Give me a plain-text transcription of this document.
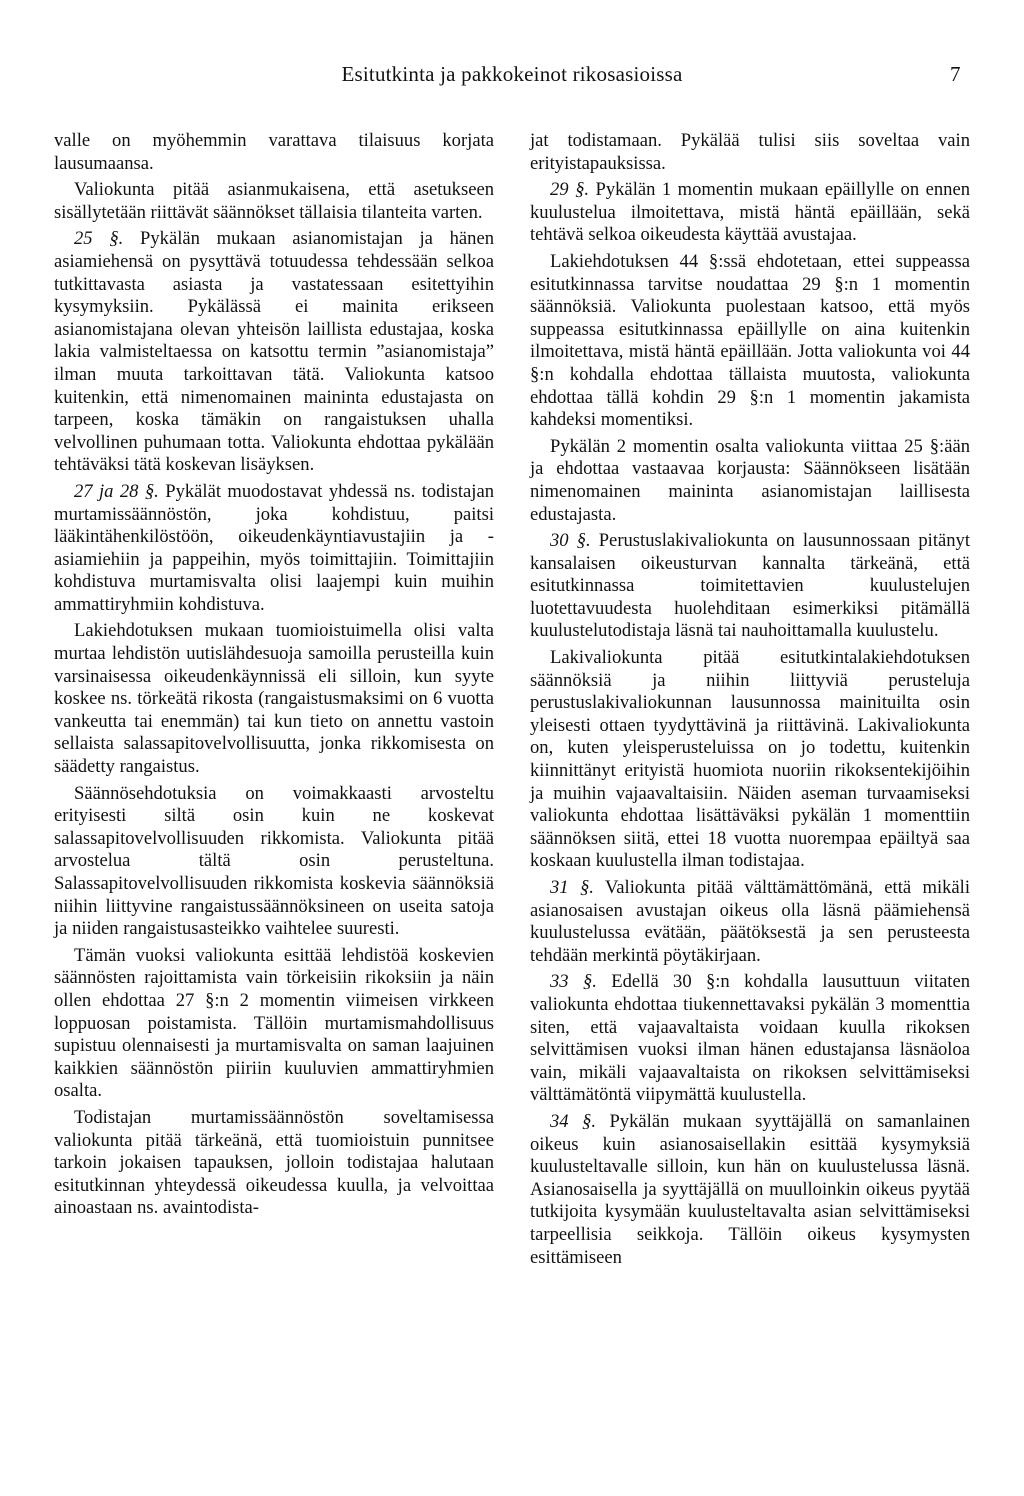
Esitutkinta ja pakkokeinot rikosasioissa	7

valle on myöhemmin varattava tilaisuus korjata lausumaansa.

Valiokunta pitää asianmukaisena, että asetukseen sisällytetään riittävät säännökset tällaisia tilanteita varten.

25 §. Pykälän mukaan asianomistajan ja hänen asiamiehensä on pysyttävä totuudessa tehdessään selkoa tutkittavasta asiasta ja vastatessaan esitettyihin kysymyksiin. Pykälässä ei mainita erikseen asianomistajana olevan yhteisön laillista edustajaa, koska lakia valmisteltaessa on katsottu termin ”asianomistaja” ilman muuta tarkoittavan tätä. Valiokunta katsoo kuitenkin, että nimenomainen maininta edustajasta on tarpeen, koska tämäkin on rangaistuksen uhalla velvollinen puhumaan totta. Valiokunta ehdottaa pykälään tehtäväksi tätä koskevan lisäyksen.

27 ja 28 §. Pykälät muodostavat yhdessä ns. todistajan murtamissäännöstön, joka kohdistuu, paitsi lääkintähenkilöstöön, oikeudenkäyntiavustajiin ja -asiamiehiin ja pappeihin, myös toimittajiin. Toimittajiin kohdistuva murtamisvalta olisi laajempi kuin muihin ammattiryhmiin kohdistuva.

Lakiehdotuksen mukaan tuomioistuimella olisi valta murtaa lehdistön uutislähdesuoja samoilla perusteilla kuin varsinaisessa oikeudenkäynnissä eli silloin, kun syyte koskee ns. törkeätä rikosta (rangaistusmaksimi on 6 vuotta vankeutta tai enemmän) tai kun tieto on annettu vastoin sellaista salassapitovelvollisuutta, jonka rikkomisesta on säädetty rangaistus.

Säännösehdotuksia on voimakkaasti arvosteltu erityisesti siltä osin kuin ne koskevat salassapitovelvollisuuden rikkomista. Valiokunta pitää arvostelua tältä osin perusteltuna. Salassapitovelvollisuuden rikkomista koskevia säännöksiä niihin liittyvine rangaistussäännöksineen on useita satoja ja niiden rangaistusasteikko vaihtelee suuresti.

Tämän vuoksi valiokunta esittää lehdistöä koskevien säännösten rajoittamista vain törkeisiin rikoksiin ja näin ollen ehdottaa 27 §:n 2 momentin viimeisen virkkeen loppuosan poistamista. Tällöin murtamismahdollisuus supistuu olennaisesti ja murtamisvalta on saman laajuinen kaikkien säännöstön piiriin kuuluvien ammattiryhmien osalta.

Todistajan murtamissäännöstön soveltamisessa valiokunta pitää tärkeänä, että tuomioistuin punnitsee tarkoin jokaisen tapauksen, jolloin todistajaa halutaan esitutkinnan yhteydessä oikeudessa kuulla, ja velvoittaa ainoastaan ns. avaintodista-

jat todistamaan. Pykälää tulisi siis soveltaa vain erityistapauksissa.

29 §. Pykälän 1 momentin mukaan epäillylle on ennen kuulustelua ilmoitettava, mistä häntä epäillään, sekä tehtävä selkoa oikeudesta käyttää avustajaa.

Lakiehdotuksen 44 §:ssä ehdotetaan, ettei suppeassa esitutkinnassa tarvitse noudattaa 29 §:n 1 momentin säännöksiä. Valiokunta puolestaan katsoo, että myös suppeassa esitutkinnassa epäillylle on aina kuitenkin ilmoitettava, mistä häntä epäillään. Jotta valiokunta voi 44 §:n kohdalla ehdottaa tällaista muutosta, valiokunta ehdottaa tällä kohdin 29 §:n 1 momentin jakamista kahdeksi momentiksi.

Pykälän 2 momentin osalta valiokunta viittaa 25 §:ään ja ehdottaa vastaavaa korjausta: Säännökseen lisätään nimenomainen maininta asianomistajan laillisesta edustajasta.

30 §. Perustuslakivaliokunta on lausunnossaan pitänyt kansalaisen oikeusturvan kannalta tärkeänä, että esitutkinnassa toimitettavien kuulustelujen luotettavuudesta huolehditaan esimerkiksi pitämällä kuulustelutodistaja läsnä tai nauhoittamalla kuulustelu.

Lakivaliokunta pitää esitutkintalakiehdotuksen säännöksiä ja niihin liittyviä perusteluja perustuslakivaliokunnan lausunnossa mainituilta osin yleisesti ottaen tyydyttävinä ja riittävinä. Lakivaliokunta on, kuten yleisperusteluissa on jo todettu, kuitenkin kiinnittänyt erityistä huomiota nuoriin rikoksentekijöihin ja muihin vajaavaltaisiin. Näiden aseman turvaamiseksi valiokunta ehdottaa lisättäväksi pykälän 1 momenttiin säännöksen siitä, ettei 18 vuotta nuorempaa epäiltyä saa koskaan kuulustella ilman todistajaa.

31 §. Valiokunta pitää välttämättömänä, että mikäli asianosaisen avustajan oikeus olla läsnä päämiehensä kuulustelussa evätään, päätöksestä ja sen perusteesta tehdään merkintä pöytäkirjaan.

33 §. Edellä 30 §:n kohdalla lausuttuun viitaten valiokunta ehdottaa tiukennettavaksi pykälän 3 momenttia siten, että vajaavaltaista voidaan kuulla rikoksen selvittämisen vuoksi ilman hänen edustajansa läsnäoloa vain, mikäli vajaavaltaista on rikoksen selvittämiseksi välttämätöntä viipymättä kuulustella.

34 §. Pykälän mukaan syyttäjällä on samanlainen oikeus kuin asianosaisellakin esittää kysymyksiä kuulusteltavalle silloin, kun hän on kuulustelussa läsnä. Asianosaisella ja syyttäjällä on muulloinkin oikeus pyytää tutkijoita kysymään kuulusteltavalta asian selvittämiseksi tarpeellisia seikkoja. Tällöin oikeus kysymysten esittämiseen
